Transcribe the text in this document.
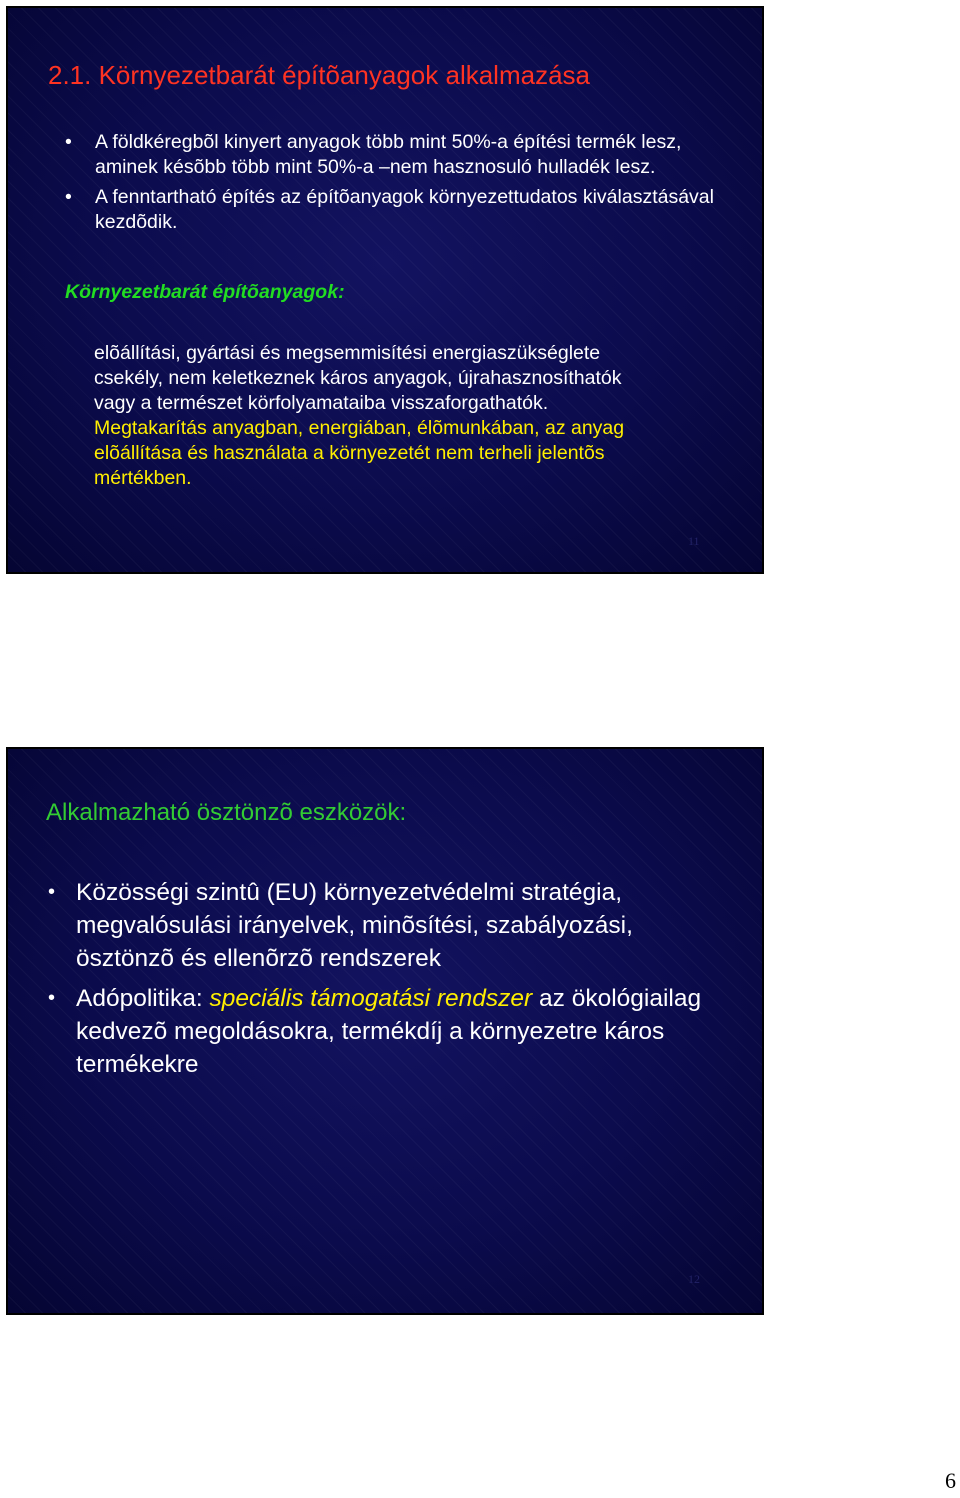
2.1. Környezetbarát építõanyagok alkalmazása
• A földkéregbõl kinyert anyagok több mint 50%-a építési termék lesz, aminek késõbb több mint 50%-a –nem hasznosuló hulladék lesz.
• A fenntartható építés az építõanyagok környezettudatos kiválasztásával kezdõdik.
Környezetbarát építõanyagok:

elõállítási, gyártási és megsemmisítési energiaszükséglete csekély, nem keletkeznek káros anyagok, újrahasznosíthatók vagy a természet körfolyamataiba visszaforgathatók. Megtakarítás anyagban, energiában, élõmunkában, az anyag elõállítása és használata a környezetét nem terheli jelentõs mértékben.

11
Alkalmazható ösztönzõ eszközök:
• Közösségi szintû (EU) környezetvédelmi stratégia, megvalósulási irányelvek, minõsítési, szabályozási, ösztönzõ és ellenõrzõ rendszerek
• Adópolitika: speciális támogatási rendszer az ökológiailag kedvezõ megoldásokra, termékdíj a környezetre káros termékekre
12
6
